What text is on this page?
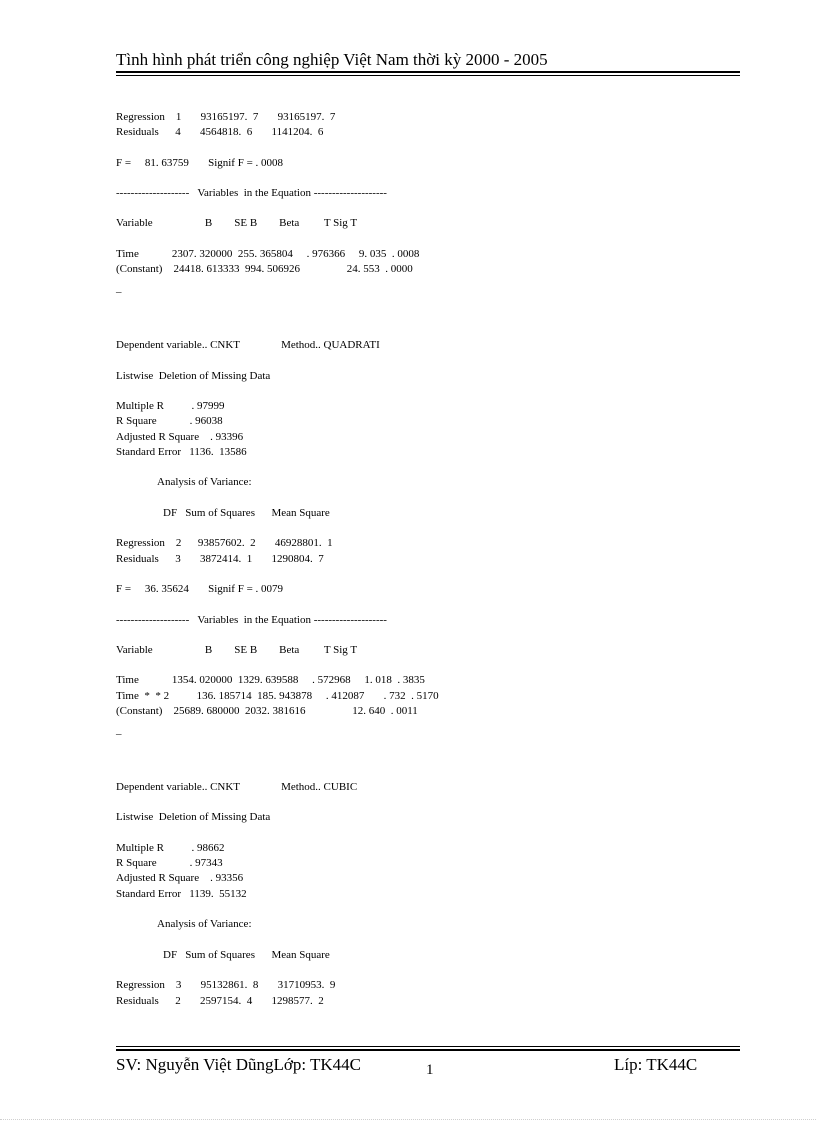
Tình hình phát triển công nghiệp Việt Nam thời kỳ 2000 - 2005
Regression    1       93165197.  7       93165197.  7
Residuals      4       4564818.  6       1141204.  6
F =     81. 63759       Signif F = . 0008
--------------------   Variables  in the Equation --------------------
Variable                   B        SE B        Beta         T Sig T
Time            2307. 320000  255. 365804     . 976366     9. 035  . 0008
(Constant)    24418. 613333  994. 506926                 24. 553  . 0000
_
Dependent variable.. CNKT               Method.. QUADRATI
Listwise  Deletion of Missing Data
Multiple R          . 97999
R Square            . 96038
Adjusted R Square    . 93396
Standard Error   1136.  13586
Analysis of Variance:
DF   Sum of Squares      Mean Square
Regression    2      93857602.  2       46928801.  1
Residuals      3       3872414.  1       1290804.  7
F =     36. 35624       Signif F = . 0079
--------------------   Variables  in the Equation --------------------
Variable                   B        SE B        Beta         T Sig T
Time            1354. 020000  1329. 639588     . 572968     1. 018  . 3835
Time  *  * 2          136. 185714  185. 943878     . 412087       . 732  . 5170
(Constant)    25689. 680000  2032. 381616                 12. 640  . 0011
_
Dependent variable.. CNKT               Method.. CUBIC
Listwise  Deletion of Missing Data
Multiple R          . 98662
R Square            . 97343
Adjusted R Square    . 93356
Standard Error   1139.  55132
Analysis of Variance:
DF   Sum of Squares      Mean Square
Regression    3       95132861.  8       31710953.  9
Residuals      2       2597154.  4       1298577.  2
SV: Nguyễn Việt DũngLớp: TK44C	1	Líp: TK44C
